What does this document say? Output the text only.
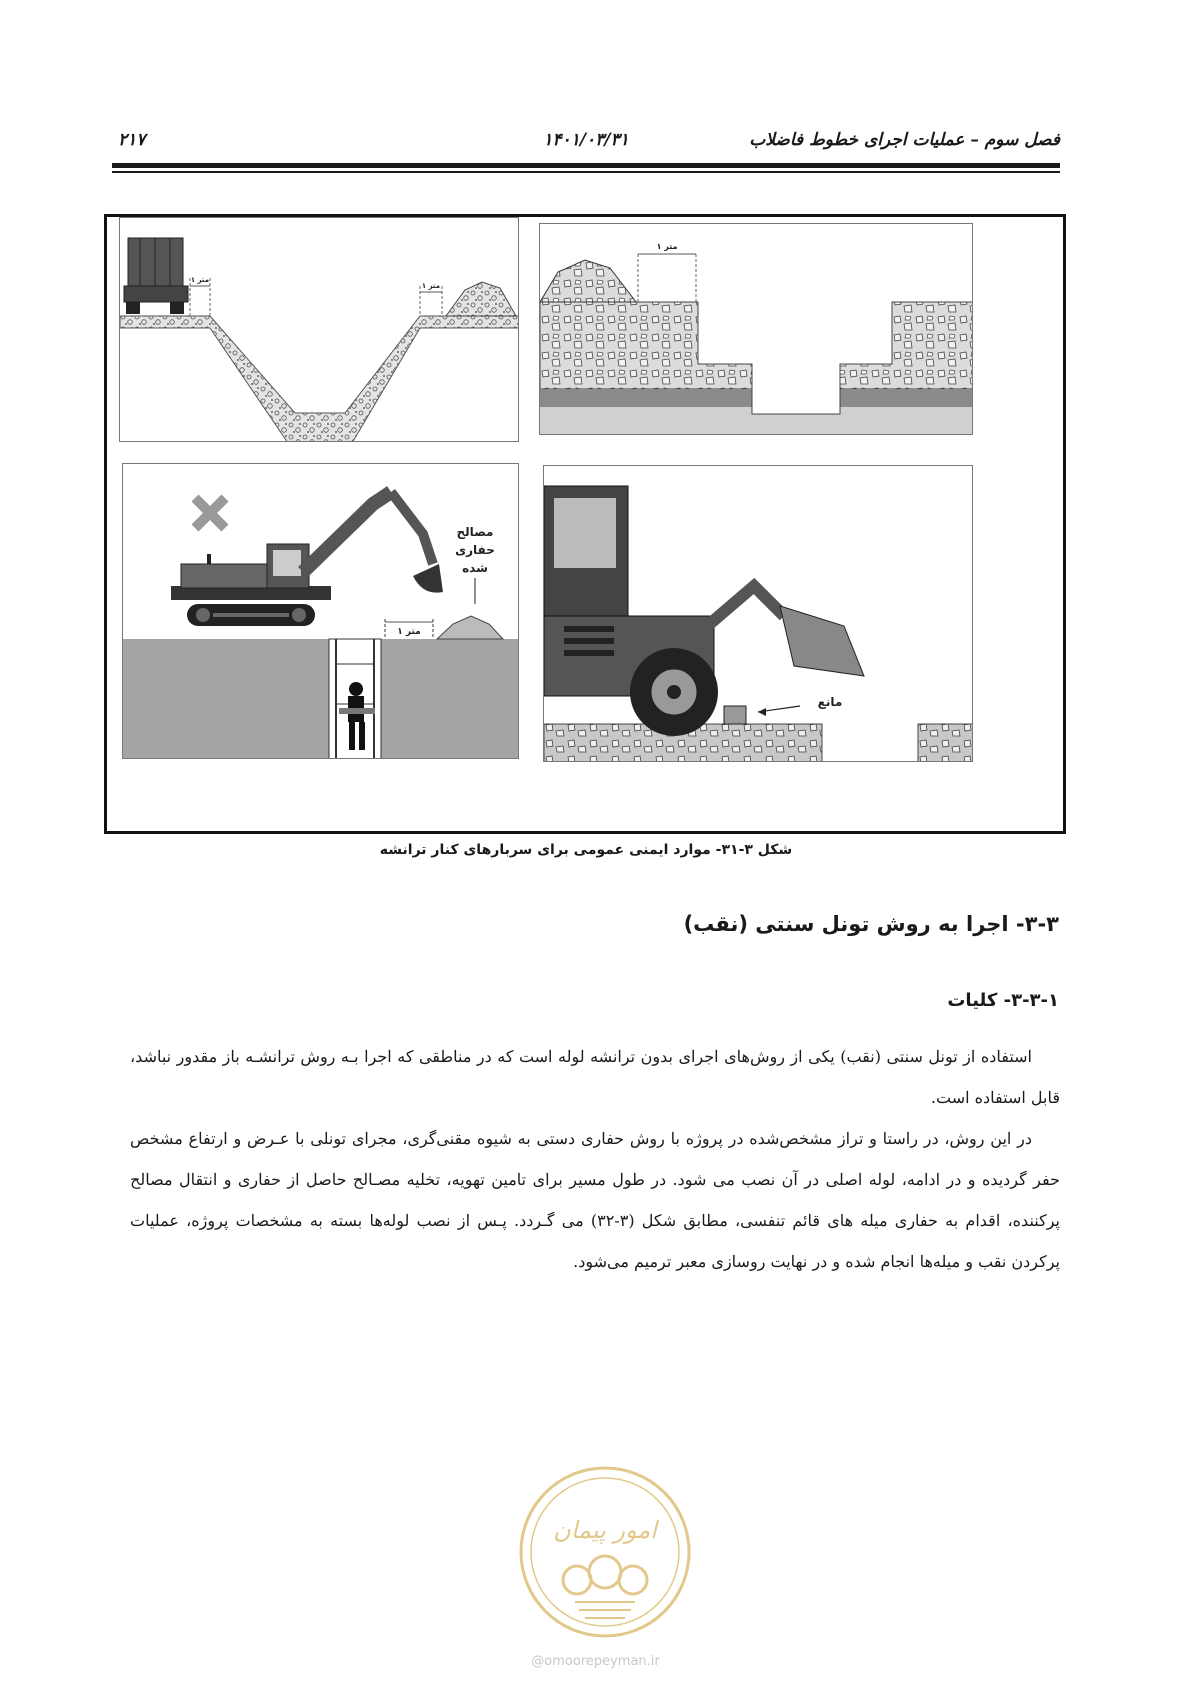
فصل سوم – عملیات اجرای خطوط فاضلاب
۱۴۰۱/۰۳/۳۱
۲۱۷
۱ متر
۱ متر
۱ متر
۱ متر
مصالح
حفاری
شده
مانع
شکل ۳-۳۱- موارد ایمنی عمومی برای سربارهای کنار ترانشه
۳-۳- اجرا به روش تونل سنتی (نقب)
۳-۳-۱- کلیات

استفاده از تونل سنتی (نقب) یکی از روش‌های اجرای بدون ترانشه لوله است که در مناطقی که اجرا بـه روش ترانشـه باز مقدور نباشد، قابل استفاده است.

در این روش، در راستا و تراز مشخص‌شده در پروژه با روش حفاری دستی به شیوه مقنی‌گری، مجرای تونلی با عـرض و ارتفاع مشخص حفر گردیده و در ادامه، لوله اصلی در آن نصب می شود. در طول مسیر برای تامین تهویه، تخلیه مصـالح حاصل از حفاری و انتقال مصالح پرکننده، اقدام به حفاری میله های قائم تنفسی، مطابق شکل (۳-۳۲) می گـردد. پـس از نصب لوله‌ها بسته به مشخصات پروژه، عملیات پرکردن نقب و میله‌ها انجام شده و در نهایت روسازی معبر ترمیم می‌شود.

امور پیمان
@omoorepeyman.ir
